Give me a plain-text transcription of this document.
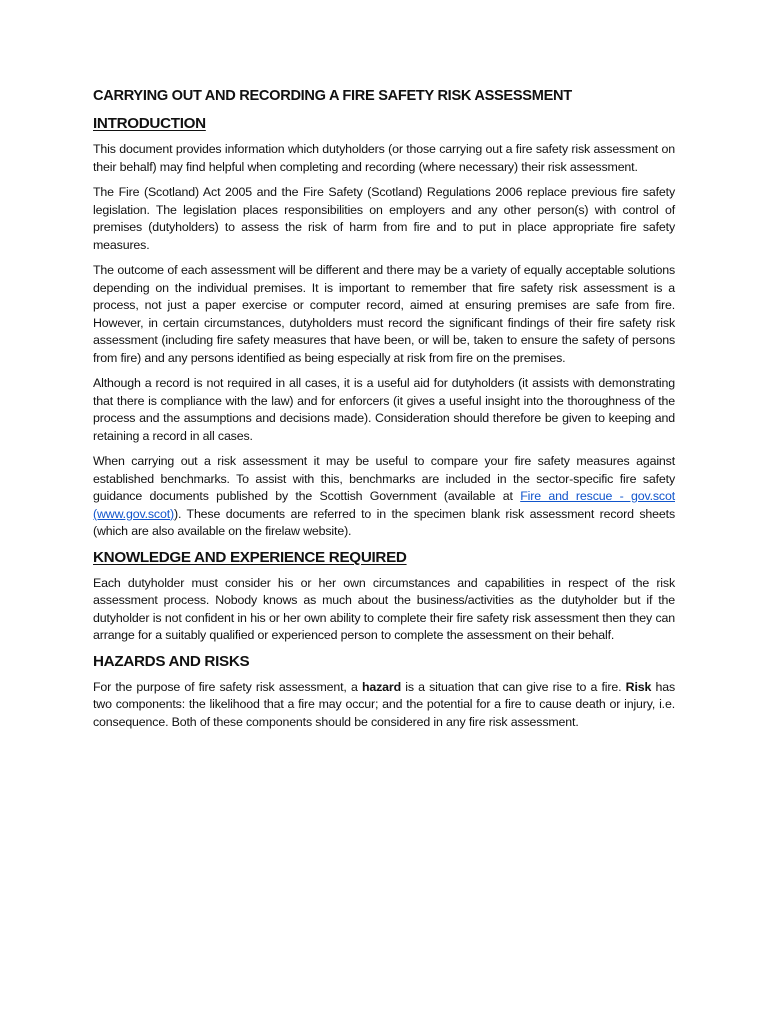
CARRYING OUT AND RECORDING A FIRE SAFETY RISK ASSESSMENT
INTRODUCTION

This document provides information which dutyholders (or those carrying out a fire safety risk assessment on their behalf) may find helpful when completing and recording (where necessary) their risk assessment.

The Fire (Scotland) Act 2005 and the Fire Safety (Scotland) Regulations 2006 replace previous fire safety legislation. The legislation places responsibilities on employers and any other person(s) with control of premises (dutyholders) to assess the risk of harm from fire and to put in place appropriate fire safety measures.

The outcome of each assessment will be different and there may be a variety of equally acceptable solutions depending on the individual premises. It is important to remember that fire safety risk assessment is a process, not just a paper exercise or computer record, aimed at ensuring premises are safe from fire. However, in certain circumstances, dutyholders must record the significant findings of their fire safety risk assessment (including fire safety measures that have been, or will be, taken to ensure the safety of persons from fire) and any persons identified as being especially at risk from fire on the premises.

Although a record is not required in all cases, it is a useful aid for dutyholders (it assists with demonstrating that there is compliance with the law) and for enforcers (it gives a useful insight into the thoroughness of the process and the assumptions and decisions made). Consideration should therefore be given to keeping and retaining a record in all cases.

When carrying out a risk assessment it may be useful to compare your fire safety measures against established benchmarks. To assist with this, benchmarks are included in the sector-specific fire safety guidance documents published by the Scottish Government (available at Fire and rescue - gov.scot (www.gov.scot)). These documents are referred to in the specimen blank risk assessment record sheets (which are also available on the firelaw website).

KNOWLEDGE AND EXPERIENCE REQUIRED

Each dutyholder must consider his or her own circumstances and capabilities in respect of the risk assessment process. Nobody knows as much about the business/activities as the dutyholder but if the dutyholder is not confident in his or her own ability to complete their fire safety risk assessment then they can arrange for a suitably qualified or experienced person to complete the assessment on their behalf.

HAZARDS AND RISKS

For the purpose of fire safety risk assessment, a hazard is a situation that can give rise to a fire. Risk has two components: the likelihood that a fire may occur; and the potential for a fire to cause death or injury, i.e. consequence. Both of these components should be considered in any fire risk assessment.
